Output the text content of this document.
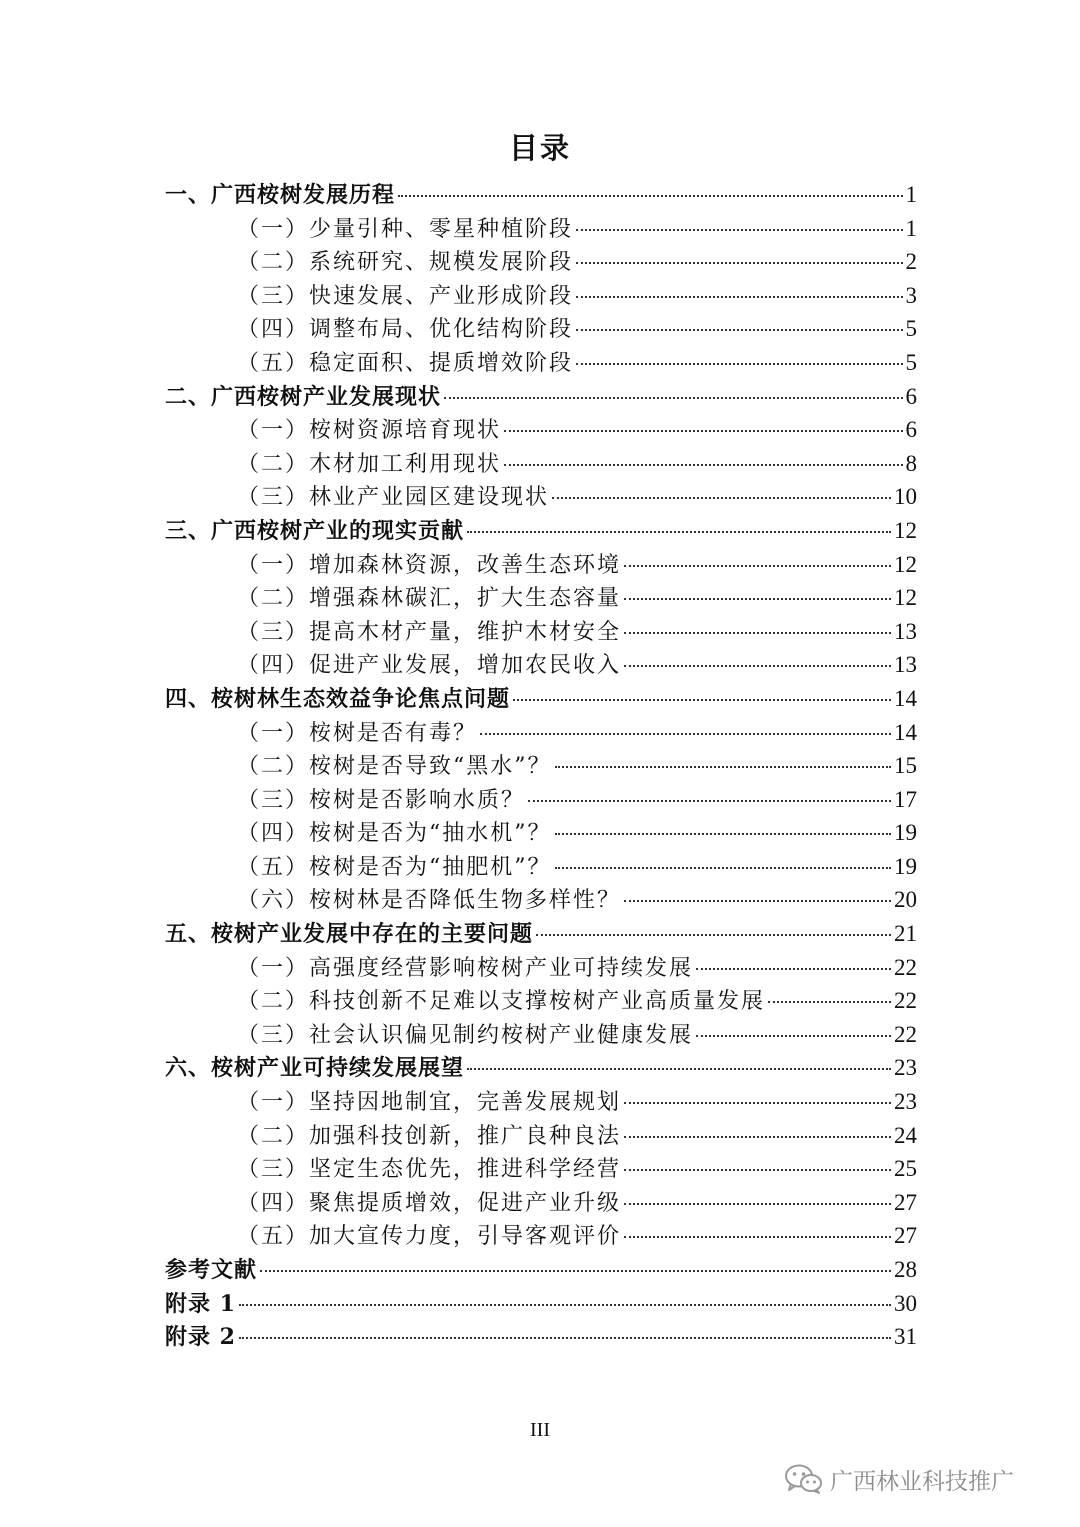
目录
一、广西桉树发展历程	1
（一）少量引种、零星种植阶段	1
（二）系统研究、规模发展阶段	2
（三）快速发展、产业形成阶段	3
（四）调整布局、优化结构阶段	5
（五）稳定面积、提质增效阶段	5
二、广西桉树产业发展现状	6
（一）桉树资源培育现状	6
（二）木材加工利用现状	8
（三）林业产业园区建设现状	10
三、广西桉树产业的现实贡献	12
（一）增加森林资源，改善生态环境	12
（二）增强森林碳汇，扩大生态容量	12
（三）提高木材产量，维护木材安全	13
（四）促进产业发展，增加农民收入	13
四、桉树林生态效益争论焦点问题	14
（一）桉树是否有毒？	14
（二）桉树是否导致“黑水”？	15
（三）桉树是否影响水质？	17
（四）桉树是否为“抽水机”？	19
（五）桉树是否为“抽肥机”？	19
（六）桉树林是否降低生物多样性？	20
五、桉树产业发展中存在的主要问题	21
（一）高强度经营影响桉树产业可持续发展	22
（二）科技创新不足难以支撑桉树产业高质量发展	22
（三）社会认识偏见制约桉树产业健康发展	22
六、桉树产业可持续发展展望	23
（一）坚持因地制宜，完善发展规划	23
（二）加强科技创新，推广良种良法	24
（三）坚定生态优先，推进科学经营	25
（四）聚焦提质增效，促进产业升级	27
（五）加大宣传力度，引导客观评价	27
参考文献	28
附录 1	30
附录 2	31
III
广西林业科技推广
